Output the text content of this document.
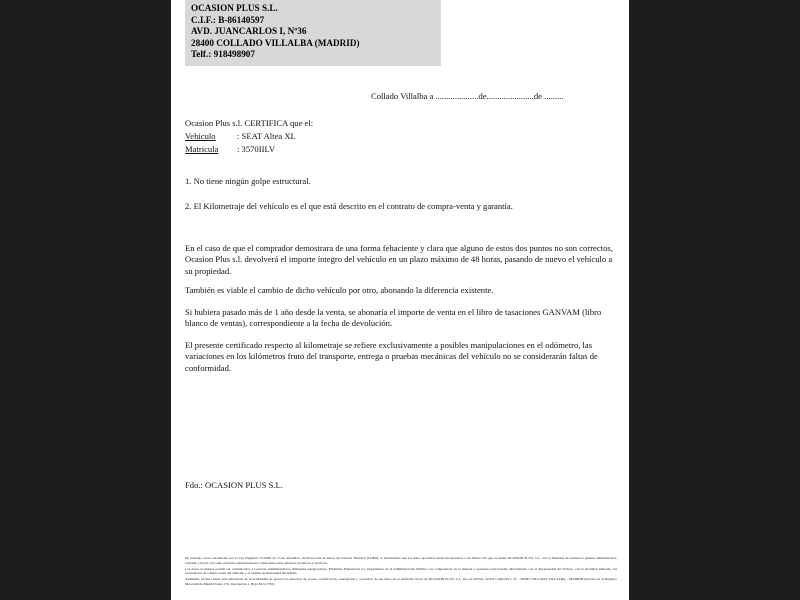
OCASION PLUS S.L.
C.I.F.: B-86140597
AVD. JUANCARLOS I, Nº36
28400 COLLADO VILLALBA (MADRID)
Telf.: 918498907
Collado Villalba a ....................de......................de .........
Ocasion Plus s.l. CERTIFICA que el:
Vehiculo : SEAT Altea XL
Matricula : 3570IILV
1. No tiene ningún golpe estructural.
2. El Kilometraje del vehículo es el que está descrito en el contrato de compra-venta y garantía.
En el caso de que el comprador demostrara de una forma fehaciente y clara que alguno de estos dos puntos no son correctos, Ocasion Plus s.l. devolverá el importe íntegro del vehículo en un plazo máximo de 48 horas, pasando de nuevo el vehículo a su propiedad.
También es viable el cambio de dicho vehículo por otro, abonando la diferencia existente.
Si hubiera pasado más de 1 año desde la venta, se abonaría el importe de venta en el libro de tasaciones GANVAM (libro blanco de ventas), correspondiente a la fecha de devolución.
El presente certificado respecto al kilometraje se refiere exclusivamente a posibles manipulaciones en el odómetro, las variaciones en los kilómetros fruto del transporte, entrega o pruebas mecánicas del vehículo no se considerarán faltas de conformidad.
Fdo.: OCASION PLUS S.L.

De acuerdo con lo establecido por la Ley Orgánica 15/1999, de 13 de diciembre, de Protección de Datos de Carácter Personal (LOPD), le informamos que los datos aportados serán incorporados a un fichero del que es titular OCASION PLUS, S.L. con la finalidad de realizar la gestión administrativa, contable y fiscal, así como enviarle comunicaciones comerciales sobre nuestros productos y servicios.

Los datos recabados podrán ser comunicados a Gestores Administrativos, Entidades Aseguradoras, Entidades Financieras y/o Organismos de la Administración Pública con competencia en la materia y personas relacionadas directamente con el Responsable del fichero, con la finalidad indicada, los proveedores de compra venta del vehículo y el cambio de titularidad del mismo.

Asimismo, incluso haber sido informado de la posibilidad de ejercer los derechos de acceso, rectificación, cancelación y oposición de sus datos en el domicilio fiscal de OCASION PLUS, S.L. sito en AVDA. JUAN CARLOS I, Nº - 28400 COLLADO VILLALBA - MADRID (inscrita en el Registro Mercantil de Madrid Tomo 150, Inscripción 1, Hoja M-511781)
